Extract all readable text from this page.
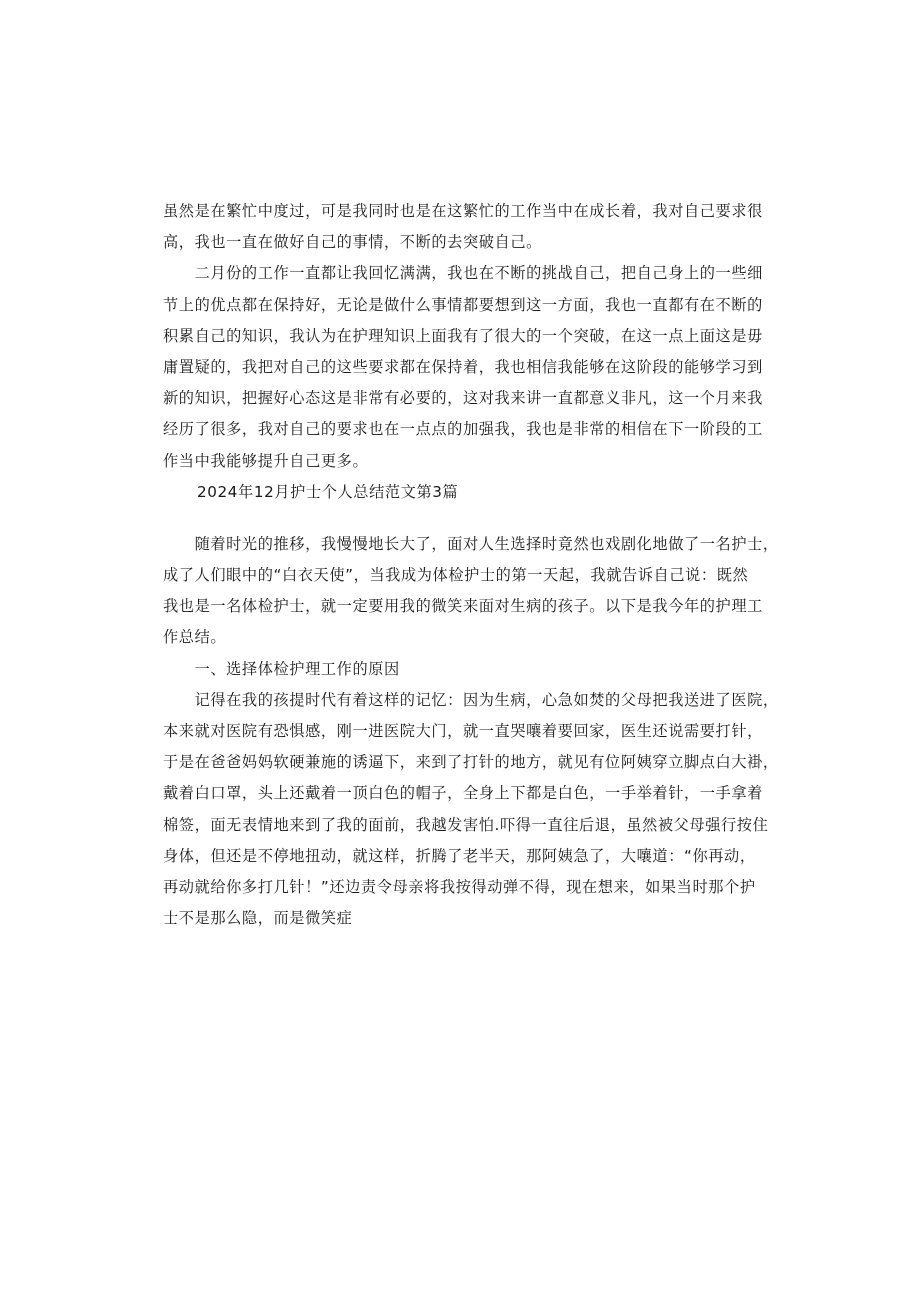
虽然是在繁忙中度过，可是我同时也是在这繁忙的工作当中在成长着，我对自己要求很
高，我也一直在做好自己的事情，不断的去突破自己。

　　二月份的工作一直都让我回忆满满，我也在不断的挑战自己，把自己身上的一些细
节上的优点都在保持好，无论是做什么事情都要想到这一方面，我也一直都有在不断的
积累自己的知识，我认为在护理知识上面我有了很大的一个突破，在这一点上面这是毋
庸置疑的，我把对自己的这些要求都在保持着，我也相信我能够在这阶段的能够学习到
新的知识，把握好心态这是非常有必要的，这对我来讲一直都意义非凡，这一个月来我
经历了很多，我对自己的要求也在一点点的加强我，我也是非常的相信在下一阶段的工
作当中我能够提升自己更多。

2024年12月护士个人总结范文第3篇

　　随着时光的推移，我慢慢地长大了，面对人生选择时竟然也戏剧化地做了一名护士，
成了人们眼中的“白衣天使”，当我成为体检护士的第一天起，我就告诉自己说：既然
我也是一名体检护士，就一定要用我的微笑来面对生病的孩子。以下是我今年的护理工
作总结。

　　一、选择体检护理工作的原因

　　记得在我的孩提时代有着这样的记忆：因为生病，心急如焚的父母把我送进了医院，
本来就对医院有恐惧感，刚一进医院大门，就一直哭嚷着要回家，医生还说需要打针，
于是在爸爸妈妈软硬兼施的诱逼下，来到了打针的地方，就见有位阿姨穿立脚点白大褂，
戴着白口罩，头上还戴着一顶白色的帽子，全身上下都是白色，一手举着针，一手拿着
棉签，面无表情地来到了我的面前，我越发害怕.吓得一直往后退，虽然被父母强行按住
身体，但还是不停地扭动，就这样，折腾了老半天，那阿姨急了，大嚷道：“你再动，
再动就给你多打几针！”还边责令母亲将我按得动弹不得，现在想来，如果当时那个护
士不是那么隐，而是微笑症
